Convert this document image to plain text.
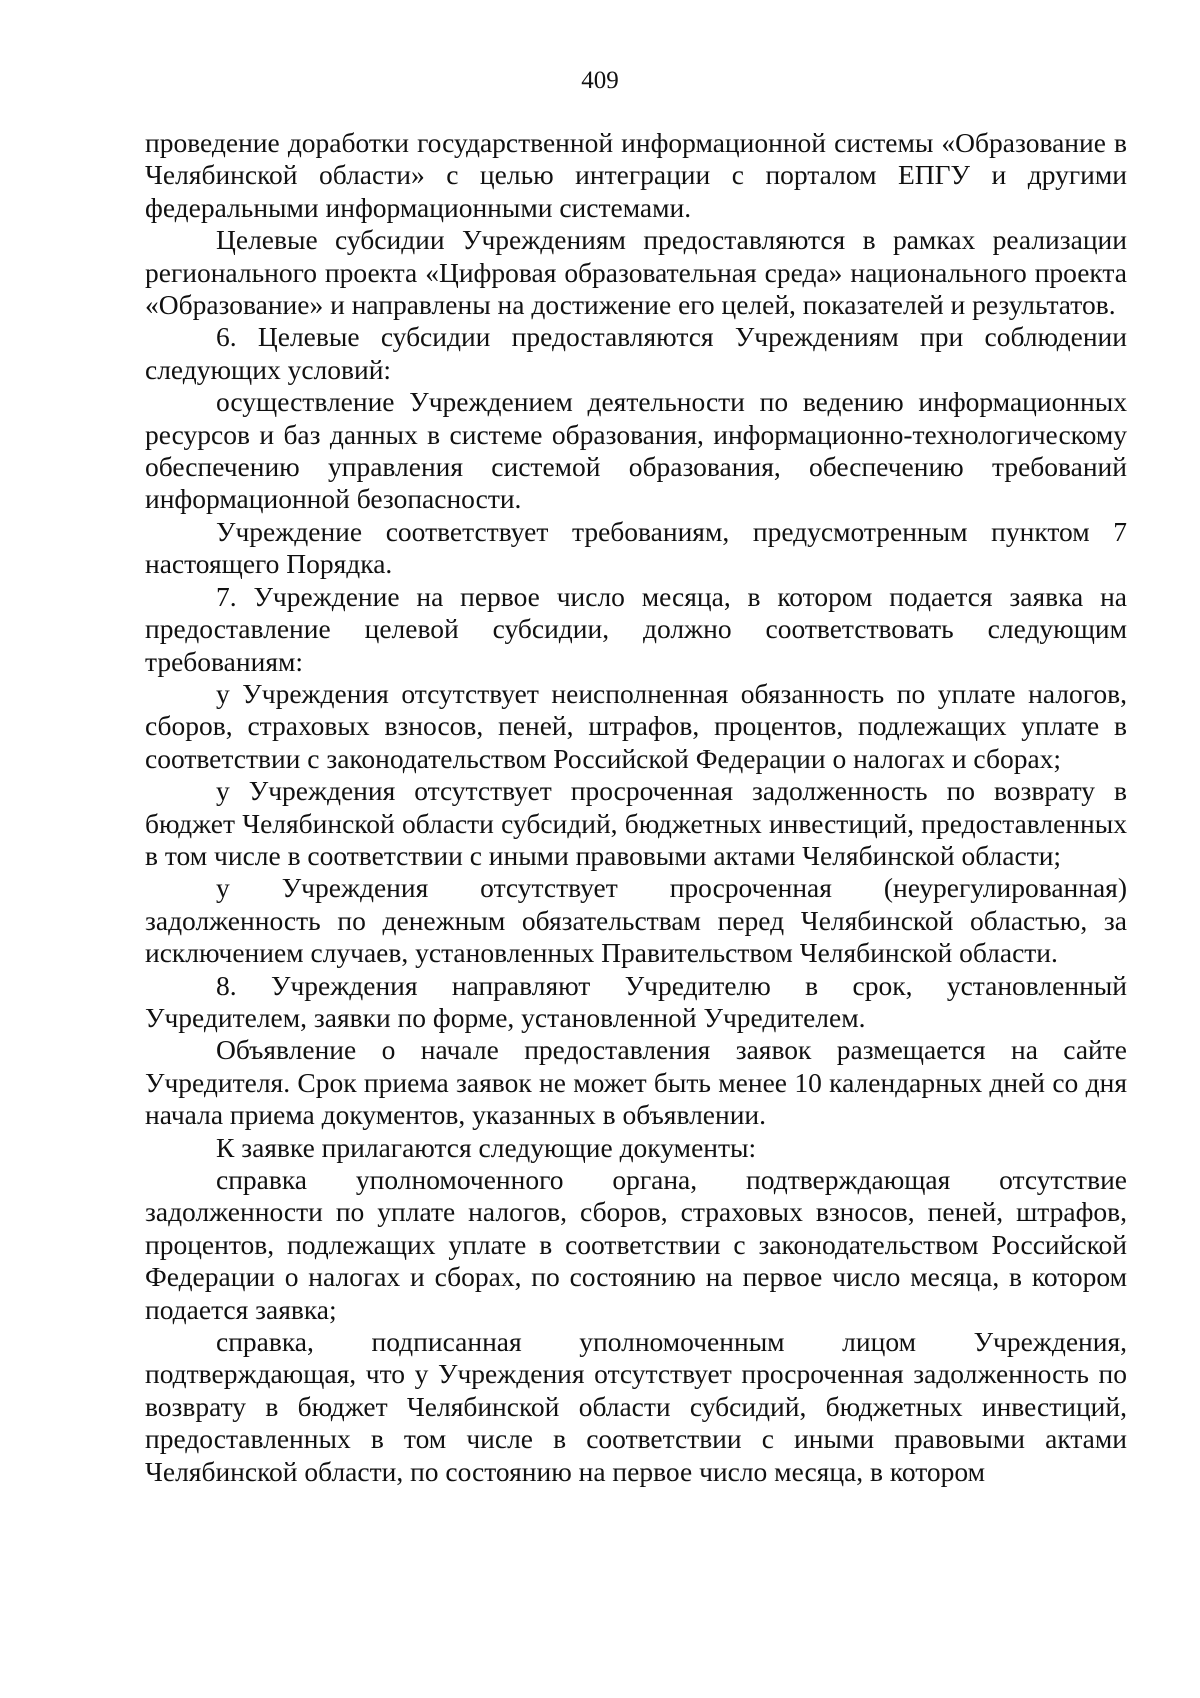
409

проведение доработки государственной информационной системы «Образование в Челябинской области» с целью интеграции с порталом ЕПГУ и другими федеральными информационными системами.

Целевые субсидии Учреждениям предоставляются в рамках реализации регионального проекта «Цифровая образовательная среда» национального проекта «Образование» и направлены на достижение его целей, показателей и результатов.

6. Целевые субсидии предоставляются Учреждениям при соблюдении следующих условий:

осуществление Учреждением деятельности по ведению информационных ресурсов и баз данных в системе образования, информационно-технологическому обеспечению управления системой образования, обеспечению требований информационной безопасности.

Учреждение соответствует требованиям, предусмотренным пунктом 7 настоящего Порядка.

7. Учреждение на первое число месяца, в котором подается заявка на предоставление целевой субсидии, должно соответствовать следующим требованиям:

у Учреждения отсутствует неисполненная обязанность по уплате налогов, сборов, страховых взносов, пеней, штрафов, процентов, подлежащих уплате в соответствии с законодательством Российской Федерации о налогах и сборах;

у Учреждения отсутствует просроченная задолженность по возврату в бюджет Челябинской области субсидий, бюджетных инвестиций, предоставленных в том числе в соответствии с иными правовыми актами Челябинской области;

у Учреждения отсутствует просроченная (неурегулированная) задолженность по денежным обязательствам перед Челябинской областью, за исключением случаев, установленных Правительством Челябинской области.

8. Учреждения направляют Учредителю в срок, установленный Учредителем, заявки по форме, установленной Учредителем.

Объявление о начале предоставления заявок размещается на сайте Учредителя. Срок приема заявок не может быть менее 10 календарных дней со дня начала приема документов, указанных в объявлении.

К заявке прилагаются следующие документы:

справка уполномоченного органа, подтверждающая отсутствие задолженности по уплате налогов, сборов, страховых взносов, пеней, штрафов, процентов, подлежащих уплате в соответствии с законодательством Российской Федерации о налогах и сборах, по состоянию на первое число месяца, в котором подается заявка;

справка, подписанная уполномоченным лицом Учреждения, подтверждающая, что у Учреждения отсутствует просроченная задолженность по возврату в бюджет Челябинской области субсидий, бюджетных инвестиций, предоставленных в том числе в соответствии с иными правовыми актами Челябинской области, по состоянию на первое число месяца, в котором
